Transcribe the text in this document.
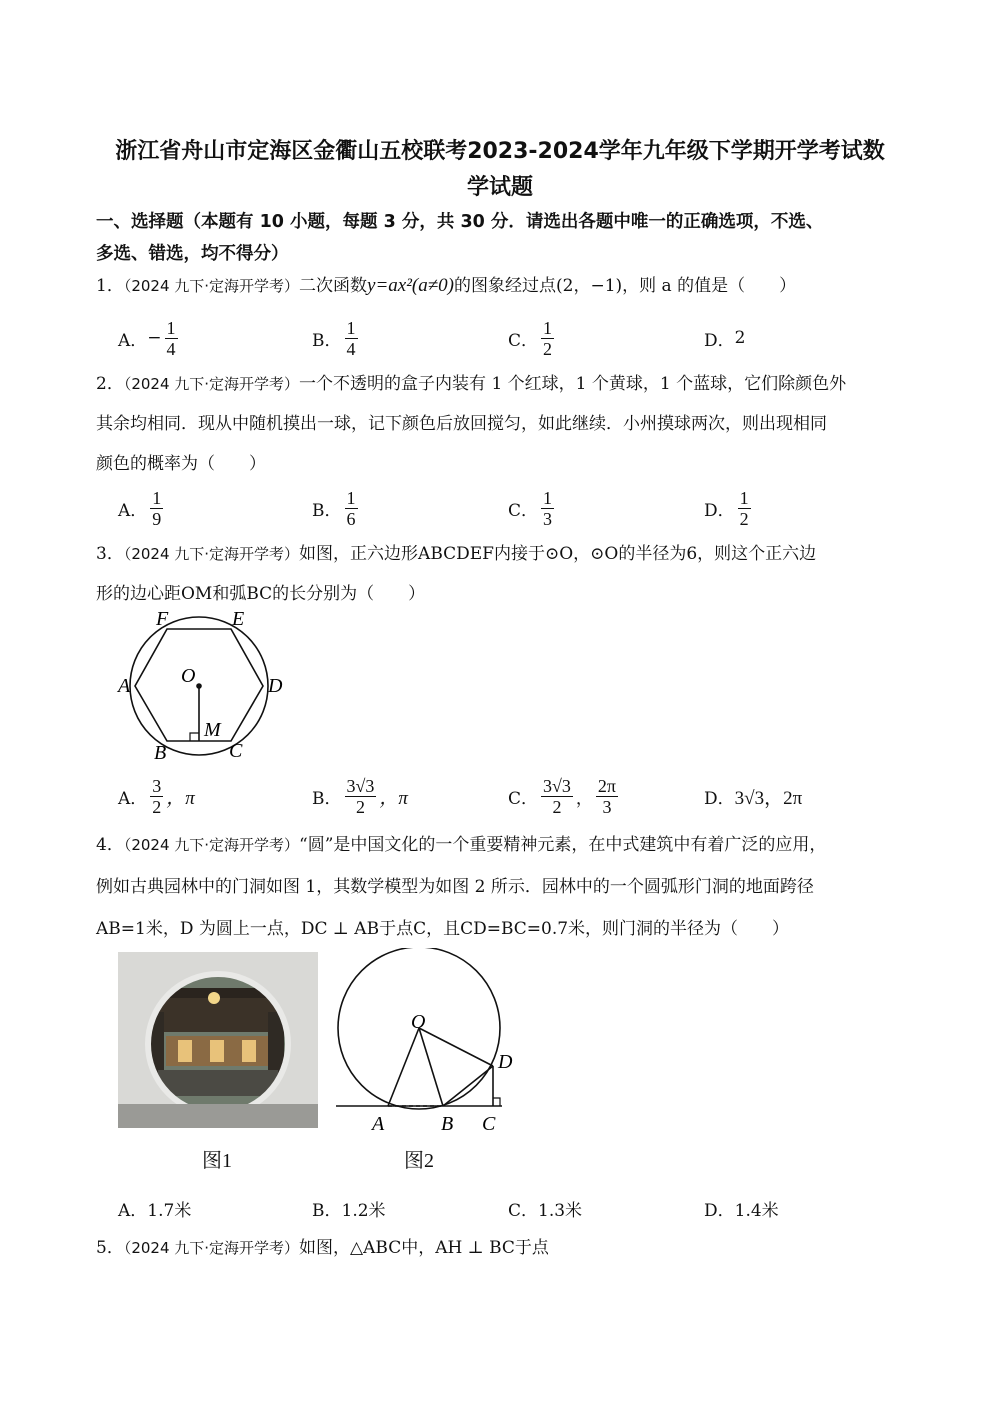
浙江省舟山市定海区金衢山五校联考2023-2024学年九年级下学期开学考试数
学试题
一、选择题（本题有 10 小题，每题 3 分，共 30 分．请选出各题中唯一的正确选项，不选、
多选、错选，均不得分）
1．（2024 九下·定海开学考）二次函数y=ax²(a≠0)的图象经过点(2，−1)，则 a 的值是（　　）
A． − $\frac{1}{4}$	B． $\frac{1}{4}$	C． $\frac{1}{2}$	D． 2
2．（2024 九下·定海开学考）一个不透明的盒子内装有 1 个红球，1 个黄球，1 个蓝球，它们除颜色外
其余均相同．现从中随机摸出一球，记下颜色后放回搅匀，如此继续．小州摸球两次，则出现相同
颜色的概率为（　　）
A． $\frac{1}{9}$	B． $\frac{1}{6}$	C． $\frac{1}{3}$	D． $\frac{1}{2}$
3．（2024 九下·定海开学考）如图，正六边形ABCDEF内接于⊙O，⊙O的半径为6，则这个正六边
形的边心距OM和弧BC的长分别为（　　）
F	E
A	D
O
M
B	C
A． $\frac{3}{2}$ ，π	B． $\frac{3√3}{2}$ ，π	C． $\frac{3√3}{2}$ ， $\frac{2\pi}{3}$	D． 3√3，2π
4．（2024 九下·定海开学考）“圆”是中国文化的一个重要精神元素，在中式建筑中有着广泛的应用，
例如古典园林中的门洞如图 1，其数学模型为如图 2 所示．园林中的一个圆弧形门洞的地面跨径
AB=1米，D 为圆上一点，DC ⊥ AB于点C，且CD=BC=0.7米，则门洞的半径为（　　）
图1
O
D
A	B C
图2
A． 1.7米	B． 1.2米	C． 1.3米	D． 1.4米
5．（2024 九下·定海开学考）如图，△ABC中，AH ⊥ BC于点
